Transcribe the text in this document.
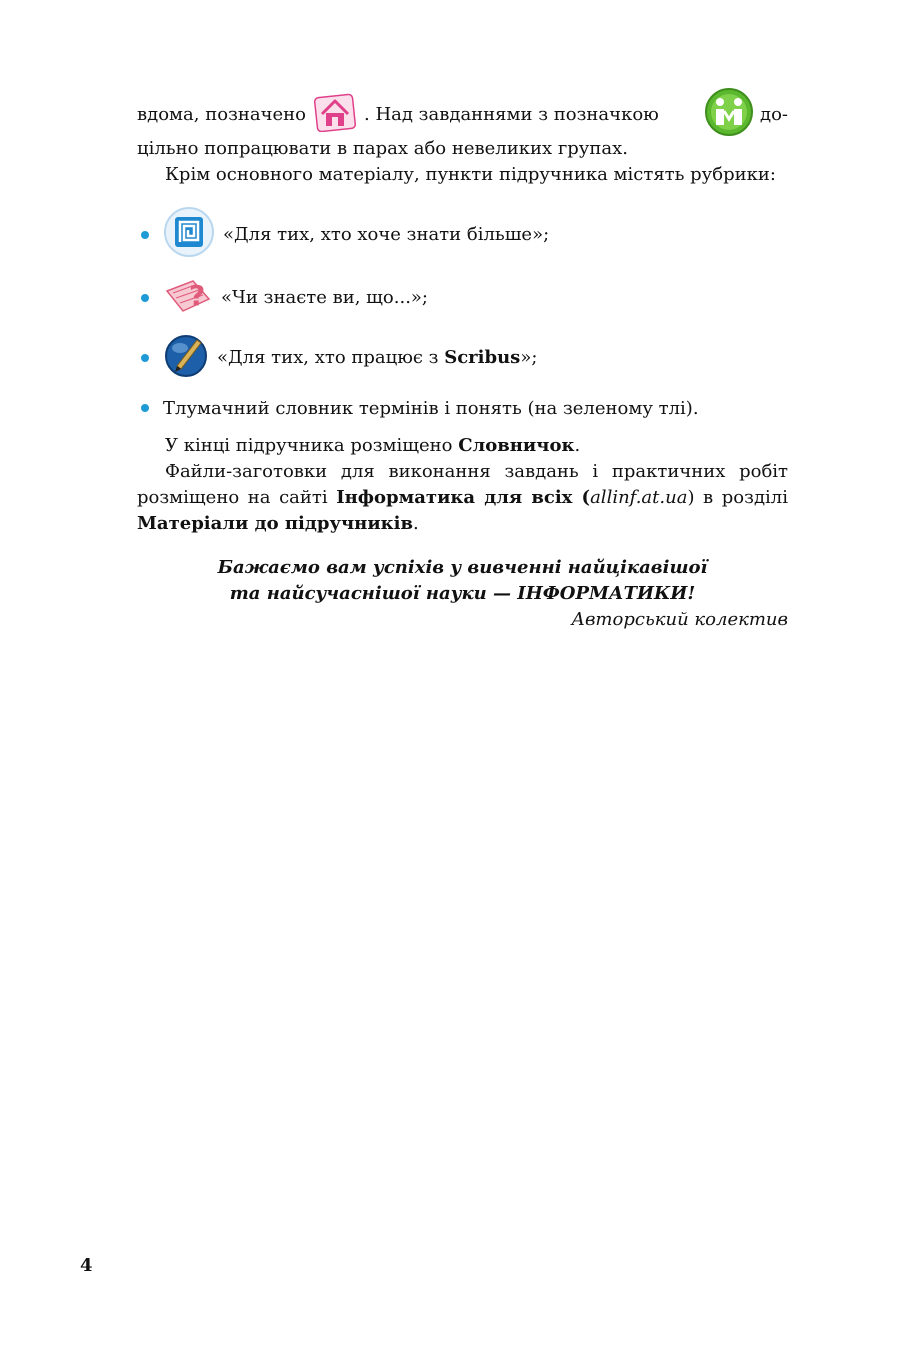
вдома, позначено	. Над завданнями з позначкою	до-

цільно попрацювати в парах або невеликих групах.

Крім основного матеріалу, пункти підручника містять рубрики:

«Для тих, хто хоче знати більше»;
? «Чи знаєте ви, що...»;
«Для тих, хто працює з Scribus»;
Тлумачний словник термінів і понять (на зеленому тлі).

У кінці підручника розміщено Словничок.

Файли-заготовки для виконання завдань і практичних робіт розміщено на сайті Інформатика для всіх (allinf.at.ua) в розділі Матеріали до підручників.

Бажаємо вам успіхів у вивченні найцікавішої
та найсучаснішої науки — ІНФОРМАТИКИ!
Авторський колектив
4
